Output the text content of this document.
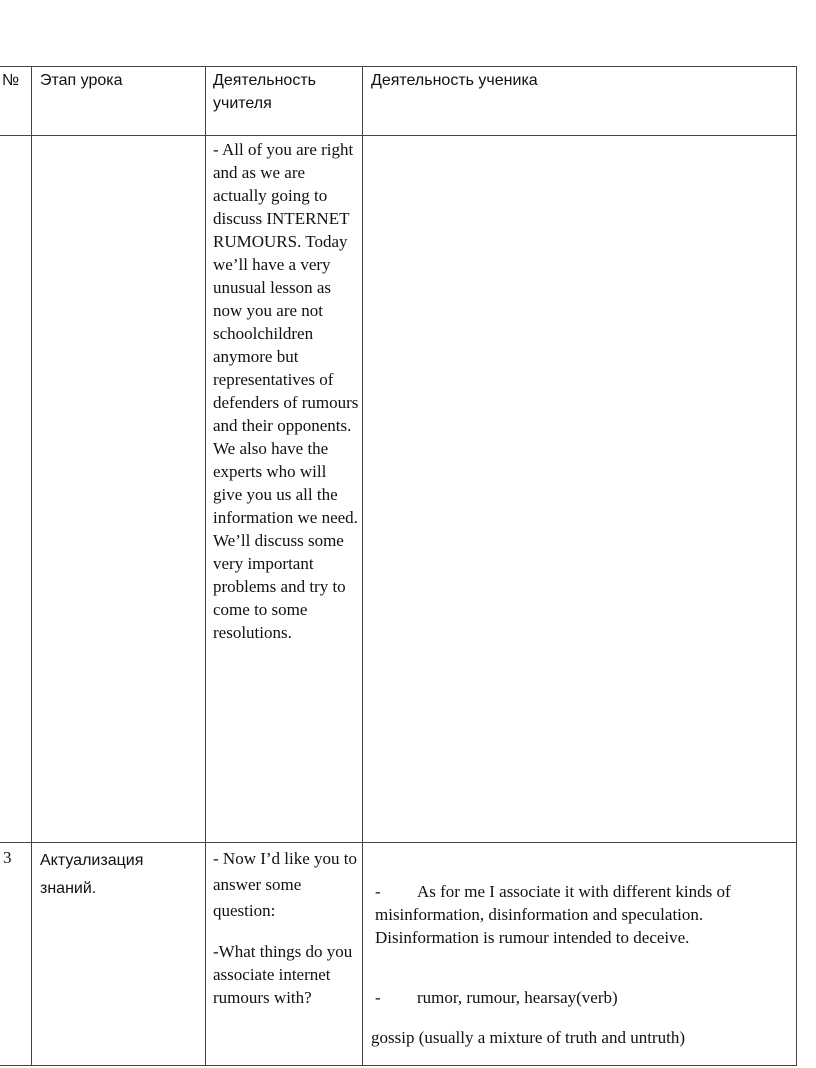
№ Этап урока	Деятельность
учителя
Деятельность ученика
- All of you are right and as we are actually going to discuss INTERNET RUMOURS. Today we’ll have a very unusual lesson as now you are not schoolchildren anymore but representatives of defenders of rumours and their opponents. We also have the experts who will give you us all the information we need. We’ll discuss some very important problems and try to come to some resolutions.
3 Актуализация
знаний.
- Now I’d like you to answer some question:
-What things do you associate internet rumours with?
- As for me I associate it with different kinds of misinformation, disinformation and speculation. Disinformation is rumour intended to deceive.
- rumor, rumour, hearsay(verb)
gossip (usually a mixture of truth and untruth)
